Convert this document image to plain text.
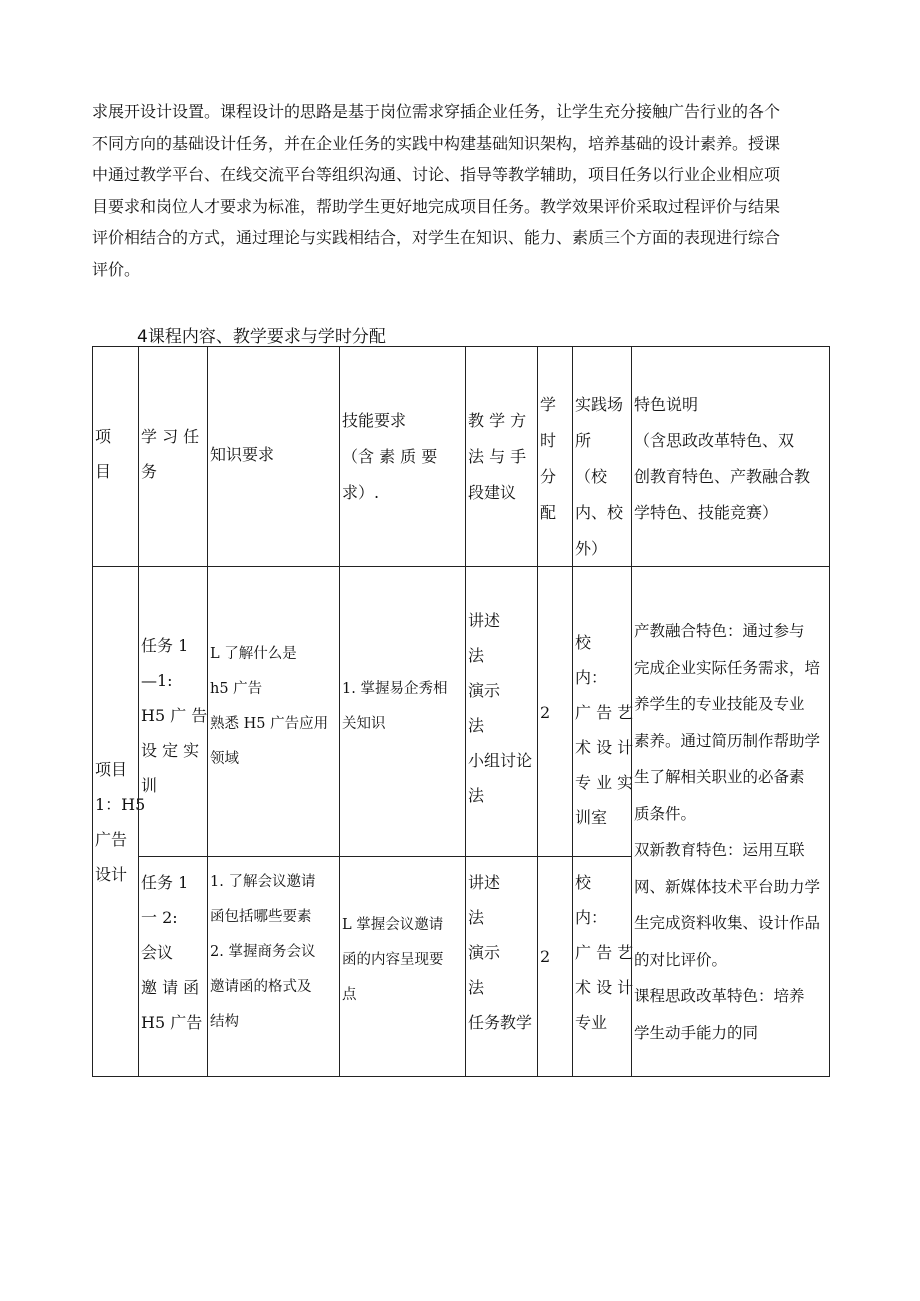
求展开设计设置。课程设计的思路是基于岗位需求穿插企业任务，让学生充分接触广告行业的各个
不同方向的基础设计任务，并在企业任务的实践中构建基础知识架构，培养基础的设计素养。授课
中通过教学平台、在线交流平台等组织沟通、讨论、指导等教学辅助，项目任务以行业企业相应项
目要求和岗位人才要求为标准，帮助学生更好地完成项目任务。教学效果评价采取过程评价与结果
评价相结合的方式，通过理论与实践相结合，对学生在知识、能力、素质三个方面的表现进行综合
评价。
4课程内容、教学要求与学时分配
项
目
学 习 任
务
知识要求
技能要求
（含 素 质 要
求）.
教 学 方
法 与 手
段建议
学
时
分
配
实践场
所
（校
内、校
外）
特色说明
（含思政改革特色、双
创教育特色、产教融合教
学特色、技能竞赛）
项目
1：H5
广告
设计
任务 1
—1:
H5 广 告
设 定 实
训
L 了解什么是
h5 广告
熟悉 H5 广告应用
领域
1. 掌握易企秀相
关知识
讲述
法
演示
法
小组讨论
法
2
校
内：
广 告 艺
术 设 计
专 业 实
训室
任务 1
一 2:
会议
邀 请 函
H5 广告
1. 了解会议邀请
函包括哪些要素
2. 掌握商务会议
邀请函的格式及
结构
L 掌握会议邀请
函的内容呈现要
点
讲述
法
演示
法
任务教学
2
校
内：
广 告 艺
术 设 计
专业
产教融合特色：通过参与
完成企业实际任务需求，培
养学生的专业技能及专业
素养。通过简历制作帮助学
生了解相关职业的必备素
质条件。
双新教育特色：运用互联
网、新媒体技术平台助力学
生完成资料收集、设计作品
的对比评价。
课程思政改革特色：培养
学生动手能力的同
